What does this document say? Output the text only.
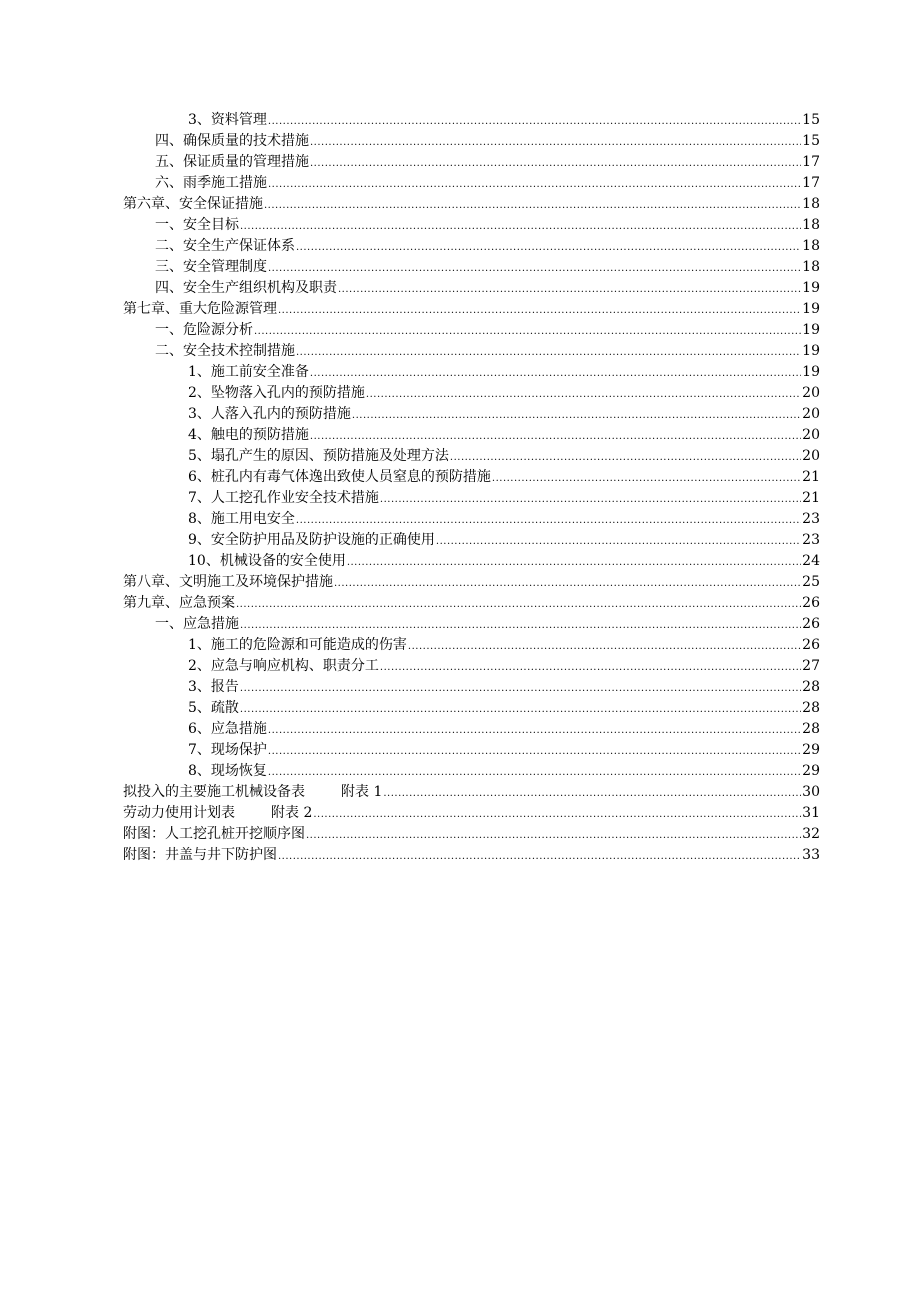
3、资料管理 .....	15
四、确保质量的技术措施 .....	15
五、保证质量的管理措施 .....	17
六、雨季施工措施 .....	17
第六章、安全保证措施 .....	18
一、安全目标 .....	18
二、安全生产保证体系 .....	18
三、安全管理制度 .....	18
四、安全生产组织机构及职责 .....	19
第七章、重大危险源管理 .....	19
一、危险源分析 .....	19
二、安全技术控制措施 .....	19
1、施工前安全准备 .....	19
2、坠物落入孔内的预防措施 .....	20
3、人落入孔内的预防措施 .....	20
4、触电的预防措施 .....	20
5、塌孔产生的原因、预防措施及处理方法 .....	20
6、桩孔内有毒气体逸出致使人员窒息的预防措施 .....	21
7、人工挖孔作业安全技术措施 .....	21
8、施工用电安全 .....	23
9、安全防护用品及防护设施的正确使用 .....	23
10、机械设备的安全使用 .....	24
第八章、文明施工及环境保护措施 .....	25
第九章、应急预案 .....	26
一、应急措施 .....	26
1、施工的危险源和可能造成的伤害 .....	26
2、应急与响应机构、职责分工 .....	27
3、报告 .....	28
5、疏散 .....	28
6、应急措施 .....	28
7、现场保护 .....	29
8、现场恢复 .....	29
拟投入的主要施工机械设备表	附表 1 .....	30
劳动力使用计划表	附表 2 .....	31
附图：人工挖孔桩开挖顺序图 .....	32
附图：井盖与井下防护图 .....	33
